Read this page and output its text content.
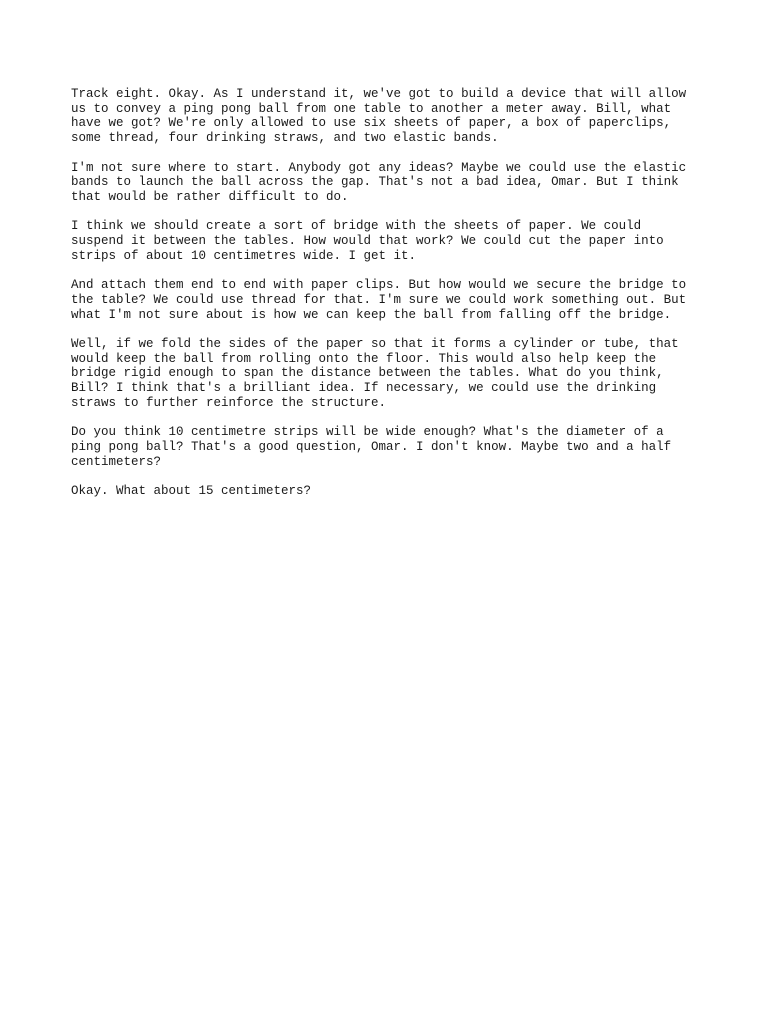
Track eight. Okay. As I understand it, we've got to build a device that will allow
us to convey a ping pong ball from one table to another a meter away. Bill, what
have we got? We're only allowed to use six sheets of paper, a box of paperclips,
some thread, four drinking straws, and two elastic bands.

I'm not sure where to start. Anybody got any ideas? Maybe we could use the elastic
bands to launch the ball across the gap. That's not a bad idea, Omar. But I think
that would be rather difficult to do.

I think we should create a sort of bridge with the sheets of paper. We could
suspend it between the tables. How would that work? We could cut the paper into
strips of about 10 centimetres wide. I get it.

And attach them end to end with paper clips. But how would we secure the bridge to
the table? We could use thread for that. I'm sure we could work something out. But
what I'm not sure about is how we can keep the ball from falling off the bridge.

Well, if we fold the sides of the paper so that it forms a cylinder or tube, that
would keep the ball from rolling onto the floor. This would also help keep the
bridge rigid enough to span the distance between the tables. What do you think,
Bill? I think that's a brilliant idea. If necessary, we could use the drinking
straws to further reinforce the structure.

Do you think 10 centimetre strips will be wide enough? What's the diameter of a
ping pong ball? That's a good question, Omar. I don't know. Maybe two and a half
centimeters?

Okay. What about 15 centimeters?
